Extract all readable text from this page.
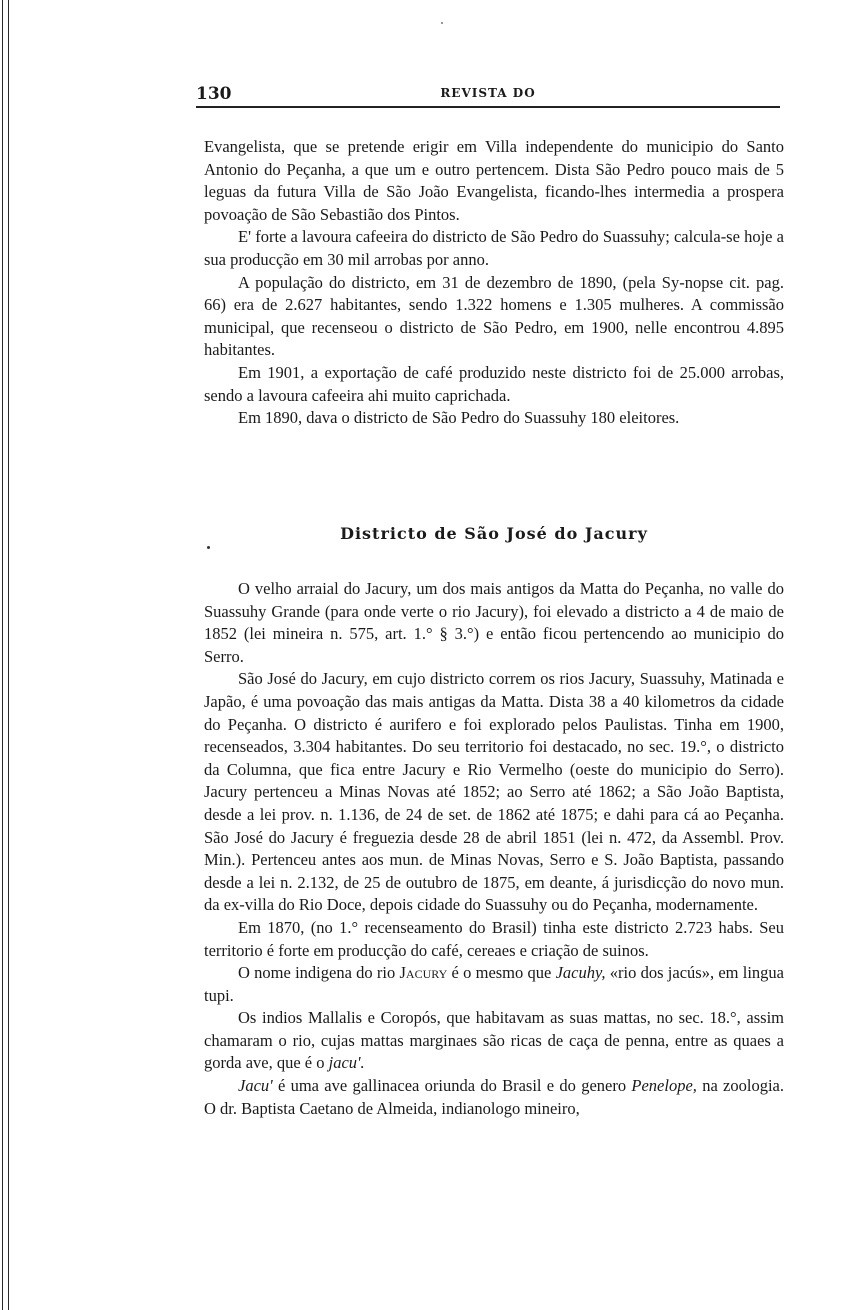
130	REVISTA DO

Evangelista, que se pretende erigir em Villa independente do municipio do Santo Antonio do Peçanha, a que um e outro pertencem. Dista São Pedro pouco mais de 5 leguas da futura Villa de São João Evangelista, ficando-lhes intermedia a prospera povoação de São Sebastião dos Pintos.

E' forte a lavoura cafeeira do districto de São Pedro do Suassuhy; calcula-se hoje a sua producção em 30 mil arrobas por anno.

A população do districto, em 31 de dezembro de 1890, (pela Sy-nopse cit. pag. 66) era de 2.627 habitantes, sendo 1.322 homens e 1.305 mulheres. A commissão municipal, que recenseou o districto de São Pedro, em 1900, nelle encontrou 4.895 habitantes.

Em 1901, a exportação de café produzido neste districto foi de 25.000 arrobas, sendo a lavoura cafeeira ahi muito caprichada.

Em 1890, dava o districto de São Pedro do Suassuhy 180 eleitores.

Districto de São José do Jacury

O velho arraial do Jacury, um dos mais antigos da Matta do Peçanha, no valle do Suassuhy Grande (para onde verte o rio Jacury), foi elevado a districto a 4 de maio de 1852 (lei mineira n. 575, art. 1.° § 3.°) e então ficou pertencendo ao municipio do Serro.

São José do Jacury, em cujo districto correm os rios Jacury, Suassuhy, Matinada e Japão, é uma povoação das mais antigas da Matta. Dista 38 a 40 kilometros da cidade do Peçanha. O districto é aurifero e foi explorado pelos Paulistas. Tinha em 1900, recenseados, 3.304 habitantes. Do seu territorio foi destacado, no sec. 19.°, o districto da Columna, que fica entre Jacury e Rio Vermelho (oeste do municipio do Serro). Jacury pertenceu a Minas Novas até 1852; ao Serro até 1862; a São João Baptista, desde a lei prov. n. 1.136, de 24 de set. de 1862 até 1875; e dahi para cá ao Peçanha. São José do Jacury é freguezia desde 28 de abril 1851 (lei n. 472, da Assembl. Prov. Min.). Pertenceu antes aos mun. de Minas Novas, Serro e S. João Baptista, passando desde a lei n. 2.132, de 25 de outubro de 1875, em deante, á jurisdicção do novo mun. da ex-villa do Rio Doce, depois cidade do Suassuhy ou do Peçanha, modernamente.

Em 1870, (no 1.° recenseamento do Brasil) tinha este districto 2.723 habs. Seu territorio é forte em producção do café, cereaes e criação de suinos.

O nome indigena do rio Jacury é o mesmo que Jacuhy, «rio dos jacús», em lingua tupi.

Os indios Mallalis e Coropós, que habitavam as suas mattas, no sec. 18.°, assim chamaram o rio, cujas mattas marginaes são ricas de caça de penna, entre as quaes a gorda ave, que é o jacu'.

Jacu' é uma ave gallinacea oriunda do Brasil e do genero Penelope, na zoologia. O dr. Baptista Caetano de Almeida, indianologo mineiro,
